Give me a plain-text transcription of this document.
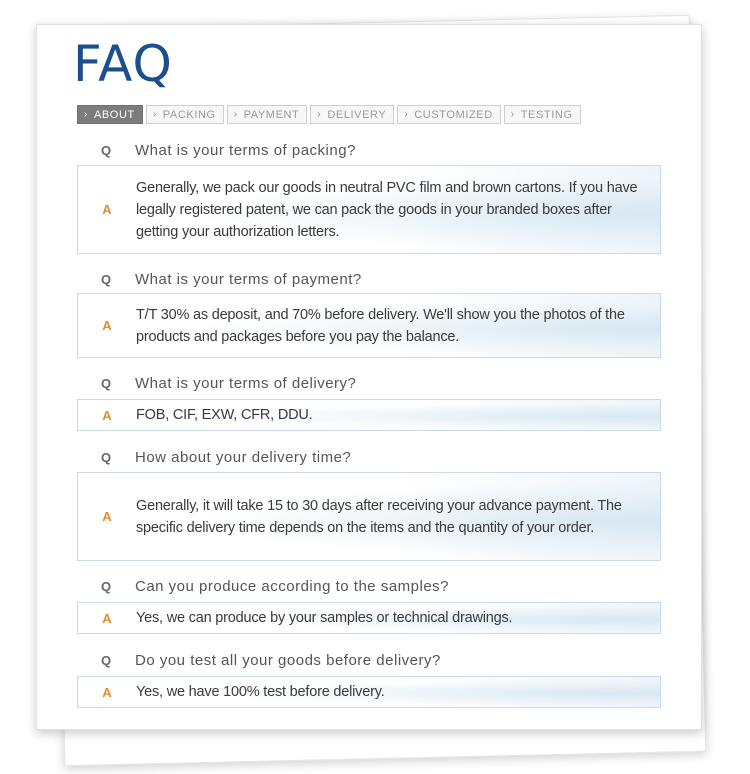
FAQ
› ABOUT › PACKING › PAYMENT › DELIVERY › CUSTOMIZED › TESTING
Q	What is your terms of packing?
A
Generally, we pack our goods in neutral PVC film and brown cartons. If you have legally registered patent, we can pack the goods in your branded boxes after getting your authorization letters.
Q	What is your terms of payment?
A
T/T 30% as deposit, and 70% before delivery. We'll show you the photos of the products and packages before you pay the balance.
Q	What is your terms of delivery?
A	FOB, CIF, EXW, CFR, DDU.
Q	How about your delivery time?
A
Generally, it will take 15 to 30 days after receiving your advance payment. The specific delivery time depends on the items and the quantity of your order.
Q	Can you produce according to the samples?
A	Yes, we can produce by your samples or technical drawings.
Q	Do you test all your goods before delivery?
A	Yes, we have 100% test before delivery.
